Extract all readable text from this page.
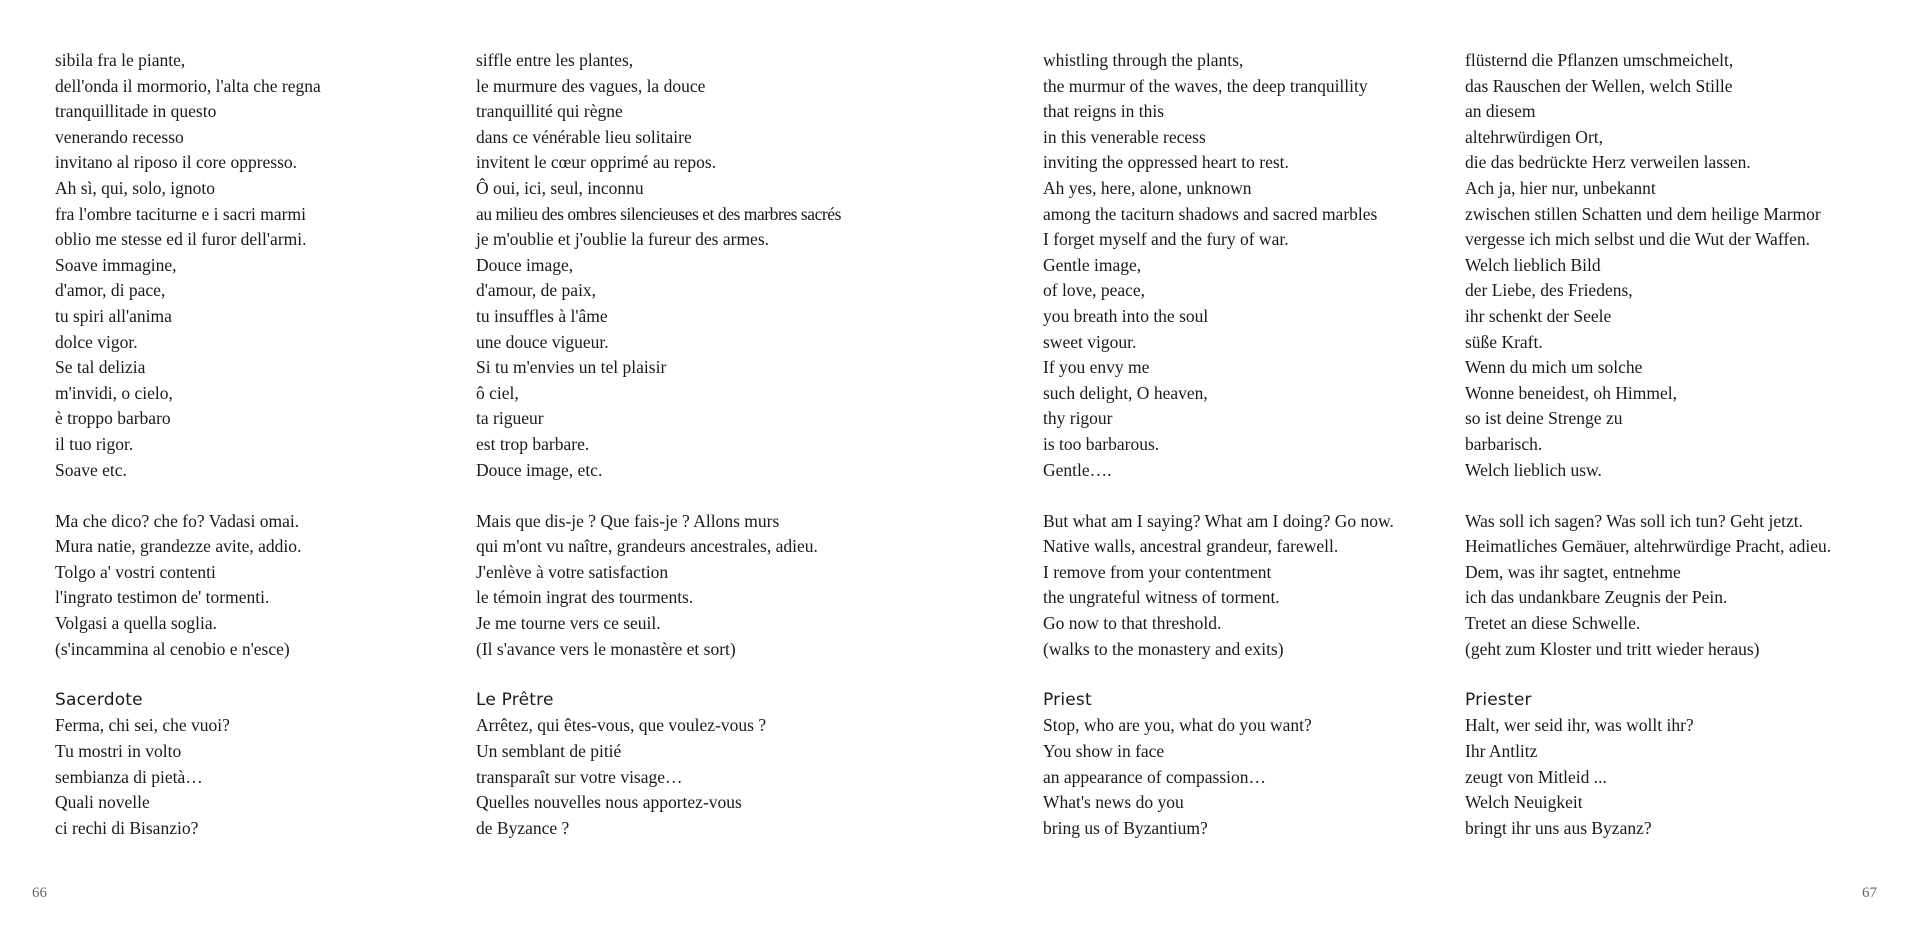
sibila fra le piante,
dell'onda il mormorio, l'alta che regna
tranquillitade in questo
venerando recesso
invitano al riposo il core oppresso.
Ah sì, qui, solo, ignoto
fra l'ombre taciturne e i sacri marmi
oblio me stesse ed il furor dell'armi.
Soave immagine,
d'amor, di pace,
tu spiri all'anima
dolce vigor.
Se tal delizia
m'invidi, o cielo,
è troppo barbaro
il tuo rigor.
Soave etc.
Ma che dico? che fo? Vadasi omai.
Mura natie, grandezze avite, addio.
Tolgo a' vostri contenti
l'ingrato testimon de' tormenti.
Volgasi a quella soglia.
(s'incammina al cenobio e n'esce)
Sacerdote
Ferma, chi sei, che vuoi?
Tu mostri in volto
sembianza di pietà…
Quali novelle
ci rechi di Bisanzio?
siffle entre les plantes,
le murmure des vagues, la douce
tranquillité qui règne
dans ce vénérable lieu solitaire
invitent le cœur opprimé au repos.
Ô oui, ici, seul, inconnu
au milieu des ombres silencieuses et des marbres sacrés
je m'oublie et j'oublie la fureur des armes.
Douce image,
d'amour, de paix,
tu insuffles à l'âme
une douce vigueur.
Si tu m'envies un tel plaisir
ô ciel,
ta rigueur
est trop barbare.
Douce image, etc.
Mais que dis-je ? Que fais-je ? Allons murs
qui m'ont vu naître, grandeurs ancestrales, adieu.
J'enlève à votre satisfaction
le témoin ingrat des tourments.
Je me tourne vers ce seuil.
(Il s'avance vers le monastère et sort)
Le Prêtre
Arrêtez, qui êtes-vous, que voulez-vous ?
Un semblant de pitié
transparaît sur votre visage…
Quelles nouvelles nous apportez-vous
de Byzance ?
whistling through the plants,
the murmur of the waves, the deep tranquillity
that reigns in this
in this venerable recess
inviting the oppressed heart to rest.
Ah yes, here, alone, unknown
among the taciturn shadows and sacred marbles
I forget myself and the fury of war.
Gentle image,
of love, peace,
you breath into the soul
sweet vigour.
If you envy me
such delight, O heaven,
thy rigour
is too barbarous.
Gentle….
But what am I saying? What am I doing? Go now.
Native walls, ancestral grandeur, farewell.
I remove from your contentment
the ungrateful witness of torment.
Go now to that threshold.
(walks to the monastery and exits)
Priest
Stop, who are you, what do you want?
You show in face
an appearance of compassion…
What's news do you
bring us of Byzantium?
flüsternd die Pflanzen umschmeichelt,
das Rauschen der Wellen, welch Stille
an diesem
altehrwürdigen Ort,
die das bedrückte Herz verweilen lassen.
Ach ja, hier nur, unbekannt
zwischen stillen Schatten und dem heilige Marmor
vergesse ich mich selbst und die Wut der Waffen.
Welch lieblich Bild
der Liebe, des Friedens,
ihr schenkt der Seele
süße Kraft.
Wenn du mich um solche
Wonne beneidest, oh Himmel,
so ist deine Strenge zu
barbarisch.
Welch lieblich usw.
Was soll ich sagen? Was soll ich tun? Geht jetzt.
Heimatliches Gemäuer, altehrwürdige Pracht, adieu.
Dem, was ihr sagtet, entnehme
ich das undankbare Zeugnis der Pein.
Tretet an diese Schwelle.
(geht zum Kloster und tritt wieder heraus)
Priester
Halt, wer seid ihr, was wollt ihr?
Ihr Antlitz
zeugt von Mitleid ...
Welch Neuigkeit
bringt ihr uns aus Byzanz?
66	67
